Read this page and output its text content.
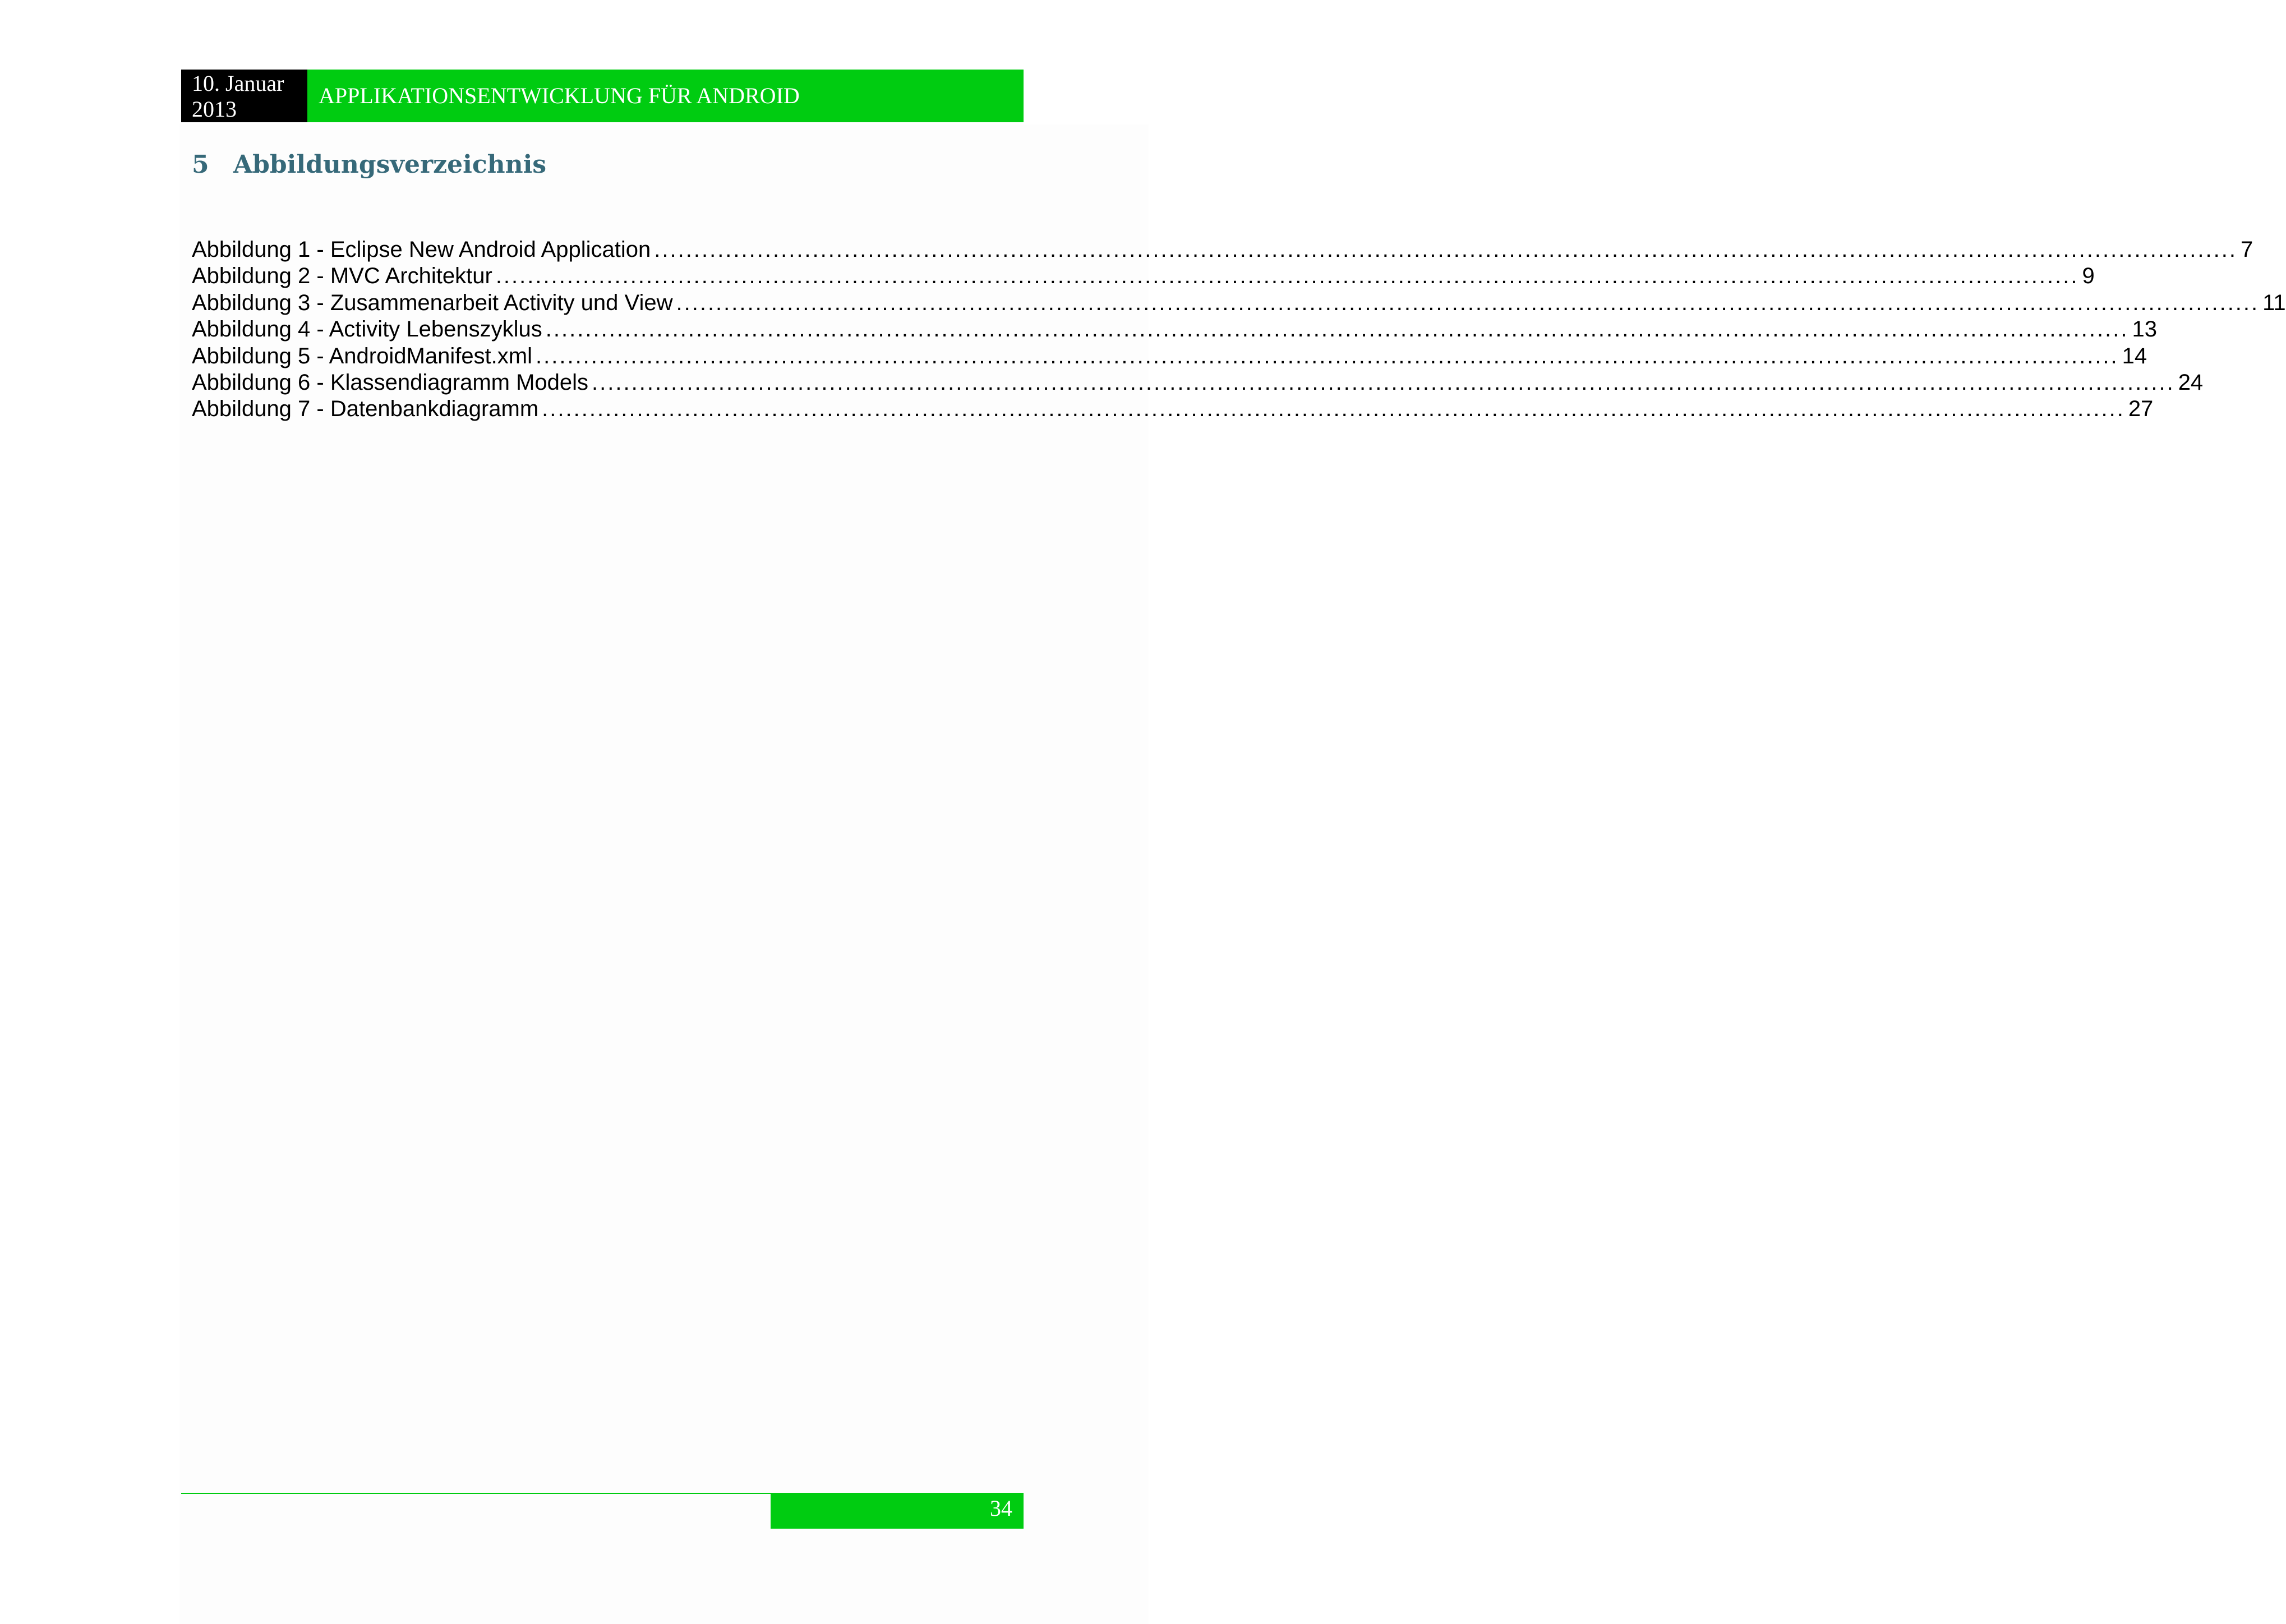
10. Januar
2013
APPLIKATIONSENTWICKLUNG FÜR ANDROID
5 Abbildungsverzeichnis
Abbildung 1 - Eclipse New Android Application ........................................................................................................................................................................................................ 7
Abbildung 2 - MVC Architektur ........................................................................................................................................................................................................ 9
Abbildung 3 - Zusammenarbeit Activity und View ........................................................................................................................................................................................................ 11
Abbildung 4 - Activity Lebenszyklus ........................................................................................................................................................................................................ 13
Abbildung 5 - AndroidManifest.xml ........................................................................................................................................................................................................ 14
Abbildung 6 - Klassendiagramm Models ........................................................................................................................................................................................................ 24
Abbildung 7 - Datenbankdiagramm ........................................................................................................................................................................................................ 27
34
